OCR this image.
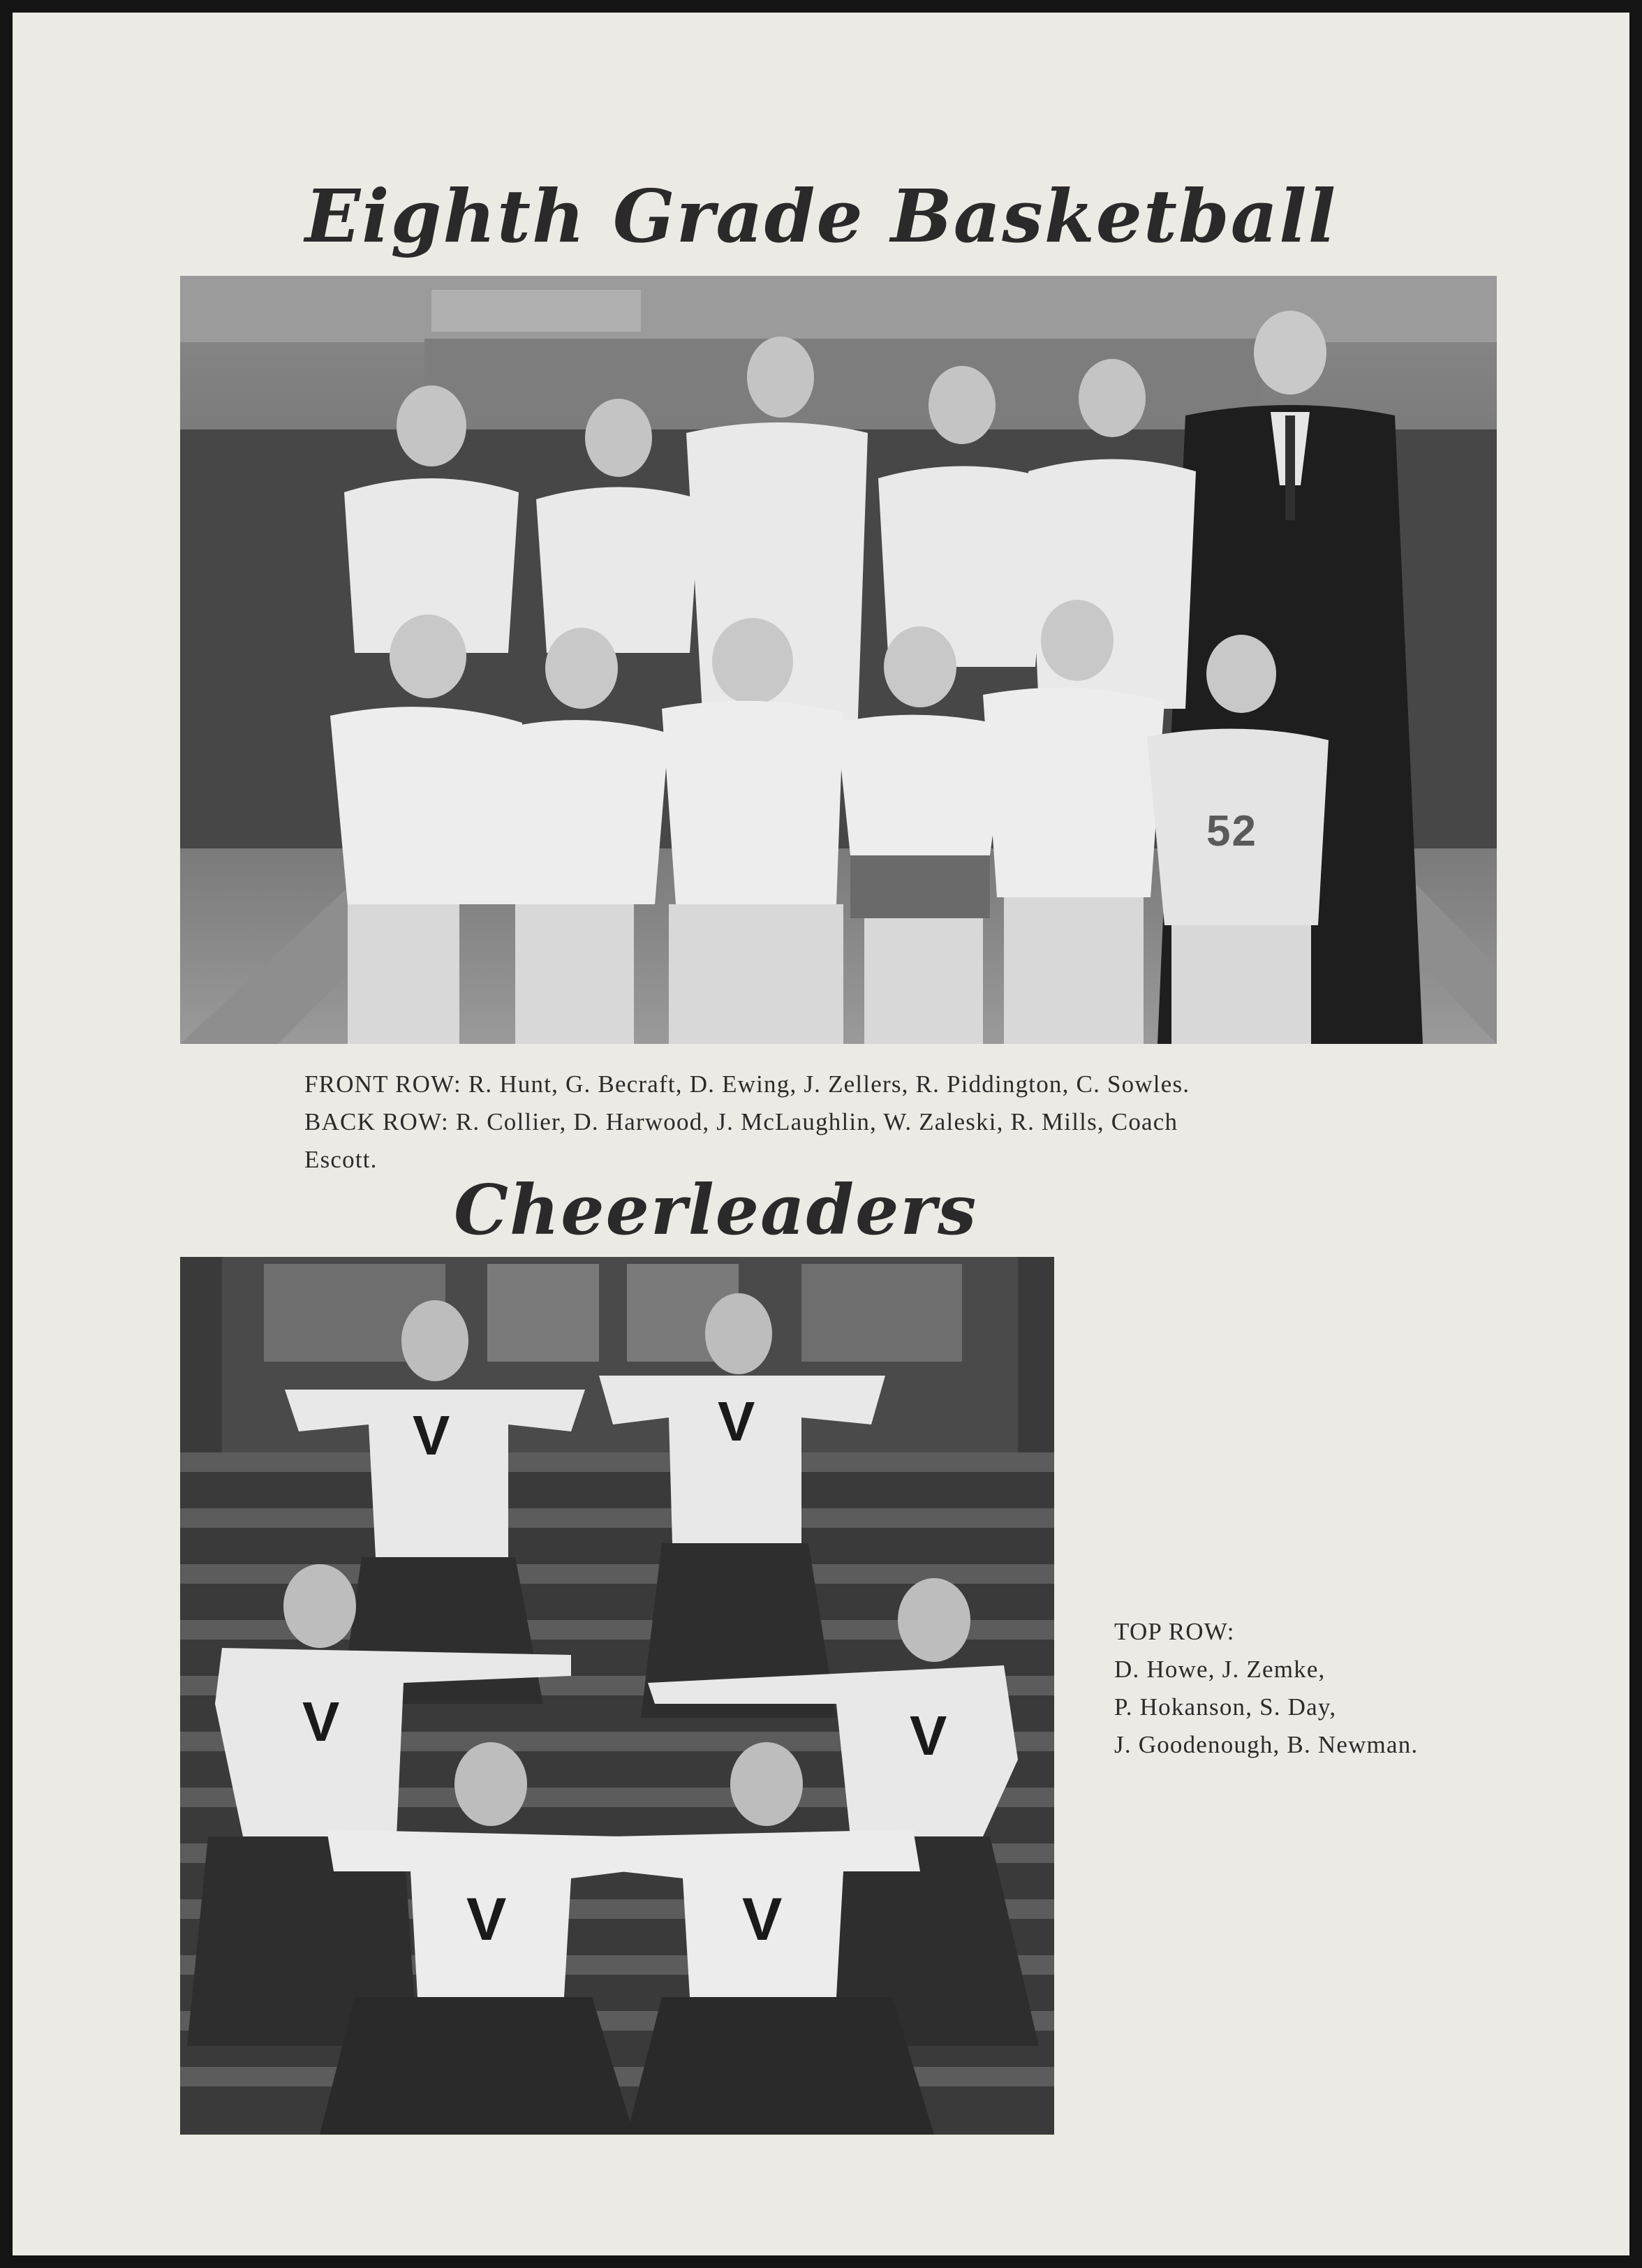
Eighth Grade Basketball
52
FRONT ROW: R. Hunt, G. Becraft, D. Ewing, J. Zellers, R. Piddington, C. Sowles.
BACK ROW: R. Collier, D. Harwood, J. McLaughlin, W. Zaleski, R. Mills, Coach
Escott.
Cheerleaders
V	V
V	V
V	V
TOP ROW:
D. Howe, J. Zemke,
P. Hokanson, S. Day,
J. Goodenough, B. Newman.
